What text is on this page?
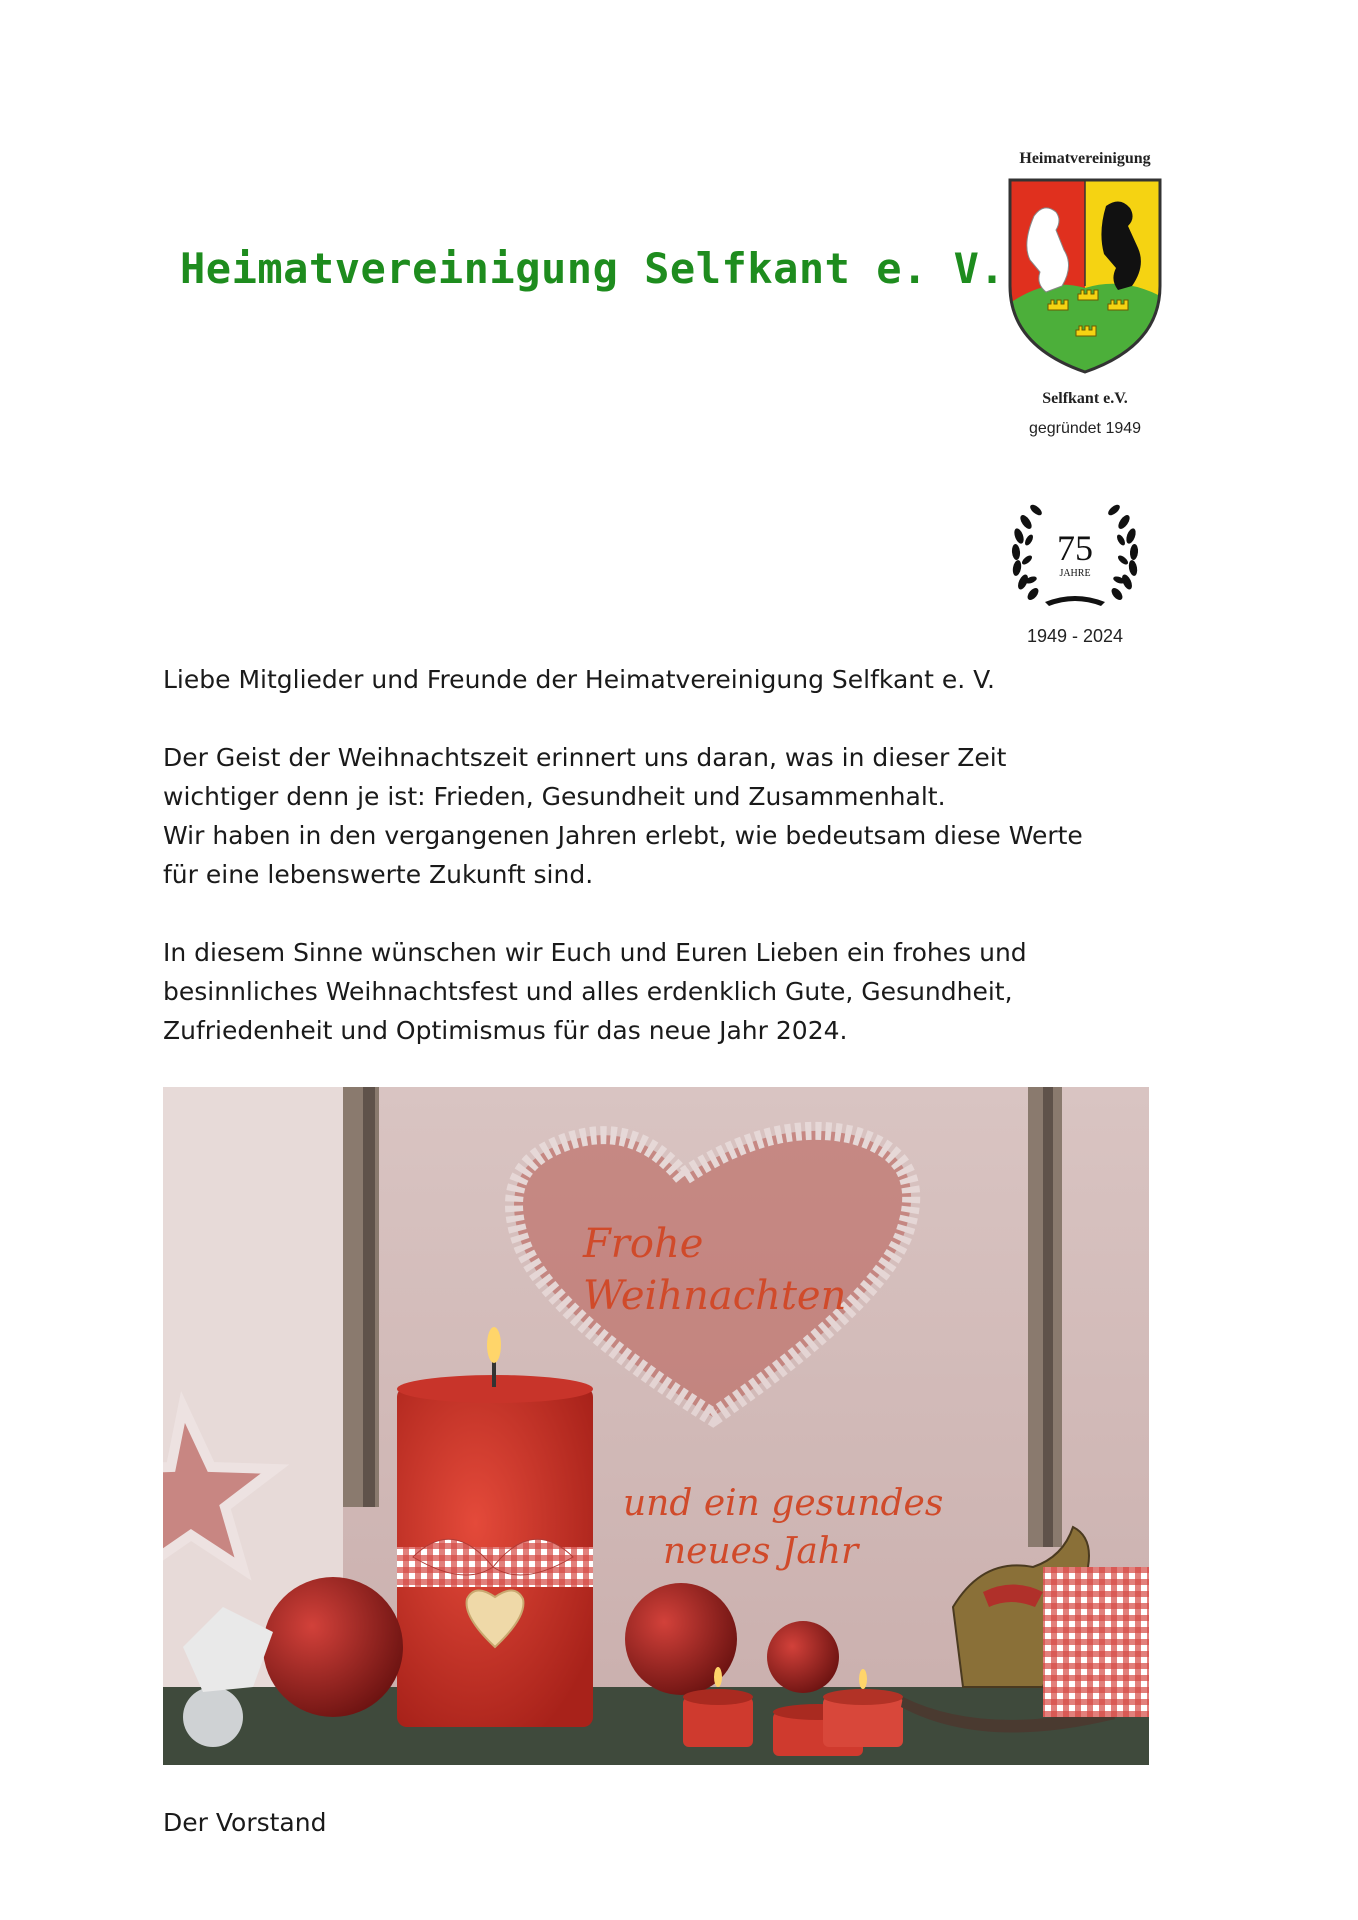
Heimatvereinigung Selfkant e. V.
Heimatvereinigung
Selfkant e.V.
gegründet 1949
75
JAHRE
1949 - 2024

Liebe Mitglieder und Freunde der Heimatvereinigung Selfkant e. V.

Der Geist der Weihnachtszeit erinnert uns daran, was in dieser Zeit
wichtiger denn je ist: Frieden, Gesundheit und Zusammenhalt.
Wir haben in den vergangenen Jahren erlebt, wie bedeutsam diese Werte
für eine lebenswerte Zukunft sind.

In diesem Sinne wünschen wir Euch und Euren Lieben ein frohes und
besinnliches Weihnachtsfest und alles erdenklich Gute, Gesundheit,
Zufriedenheit und Optimismus für das neue Jahr 2024.

Frohe
Weihnachten
und ein gesundes
neues Jahr
Der Vorstand
